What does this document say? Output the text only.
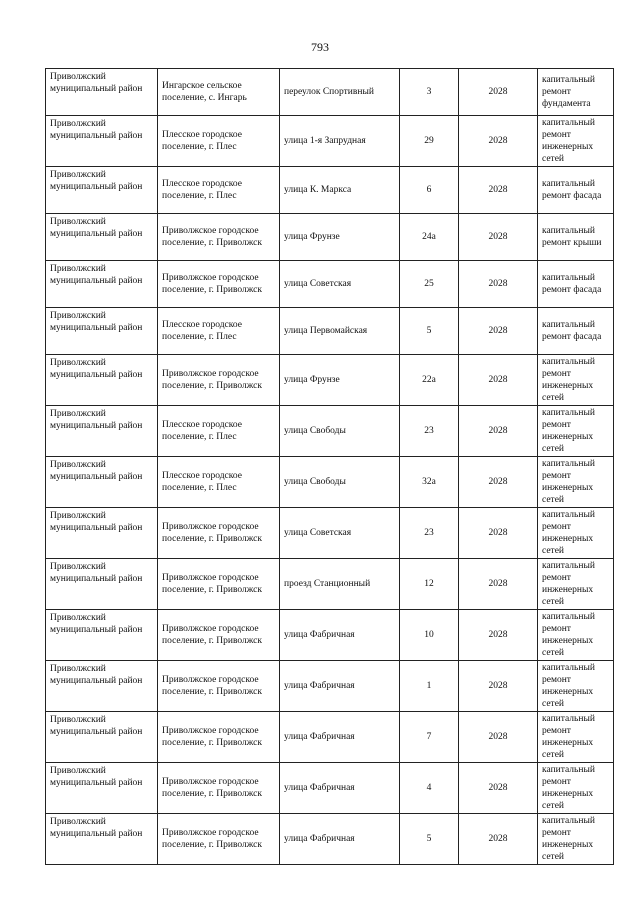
793
Приволжский муниципальный район	Ингарское сельское поселение, с. Ингарь	переулок Спортивный	3	2028	капитальный ремонт фундамента
Приволжский муниципальный район	Плесское городское поселение, г. Плес	улица 1-я Запрудная	29	2028	капитальный ремонт инженерных сетей
Приволжский муниципальный район	Плесское городское поселение, г. Плес	улица К. Маркса	6	2028	капитальный ремонт фасада
Приволжский муниципальный район	Приволжское городское поселение, г. Приволжск	улица Фрунзе	24а	2028	капитальный ремонт крыши
Приволжский муниципальный район	Приволжское городское поселение, г. Приволжск	улица Советская	25	2028	капитальный ремонт фасада
Приволжский муниципальный район	Плесское городское поселение, г. Плес	улица Первомайская	5	2028	капитальный ремонт фасада
Приволжский муниципальный район	Приволжское городское поселение, г. Приволжск	улица Фрунзе	22а	2028	капитальный ремонт инженерных сетей
Приволжский муниципальный район	Плесское городское поселение, г. Плес	улица Свободы	23	2028	капитальный ремонт инженерных сетей
Приволжский муниципальный район	Плесское городское поселение, г. Плес	улица Свободы	32а	2028	капитальный ремонт инженерных сетей
Приволжский муниципальный район	Приволжское городское поселение, г. Приволжск	улица Советская	23	2028	капитальный ремонт инженерных сетей
Приволжский муниципальный район	Приволжское городское поселение, г. Приволжск	проезд Станционный	12	2028	капитальный ремонт инженерных сетей
Приволжский муниципальный район	Приволжское городское поселение, г. Приволжск	улица Фабричная	10	2028	капитальный ремонт инженерных сетей
Приволжский муниципальный район	Приволжское городское поселение, г. Приволжск	улица Фабричная	1	2028	капитальный ремонт инженерных сетей
Приволжский муниципальный район	Приволжское городское поселение, г. Приволжск	улица Фабричная	7	2028	капитальный ремонт инженерных сетей
Приволжский муниципальный район	Приволжское городское поселение, г. Приволжск	улица Фабричная	4	2028	капитальный ремонт инженерных сетей
Приволжский муниципальный район	Приволжское городское поселение, г. Приволжск	улица Фабричная	5	2028	капитальный ремонт инженерных сетей
